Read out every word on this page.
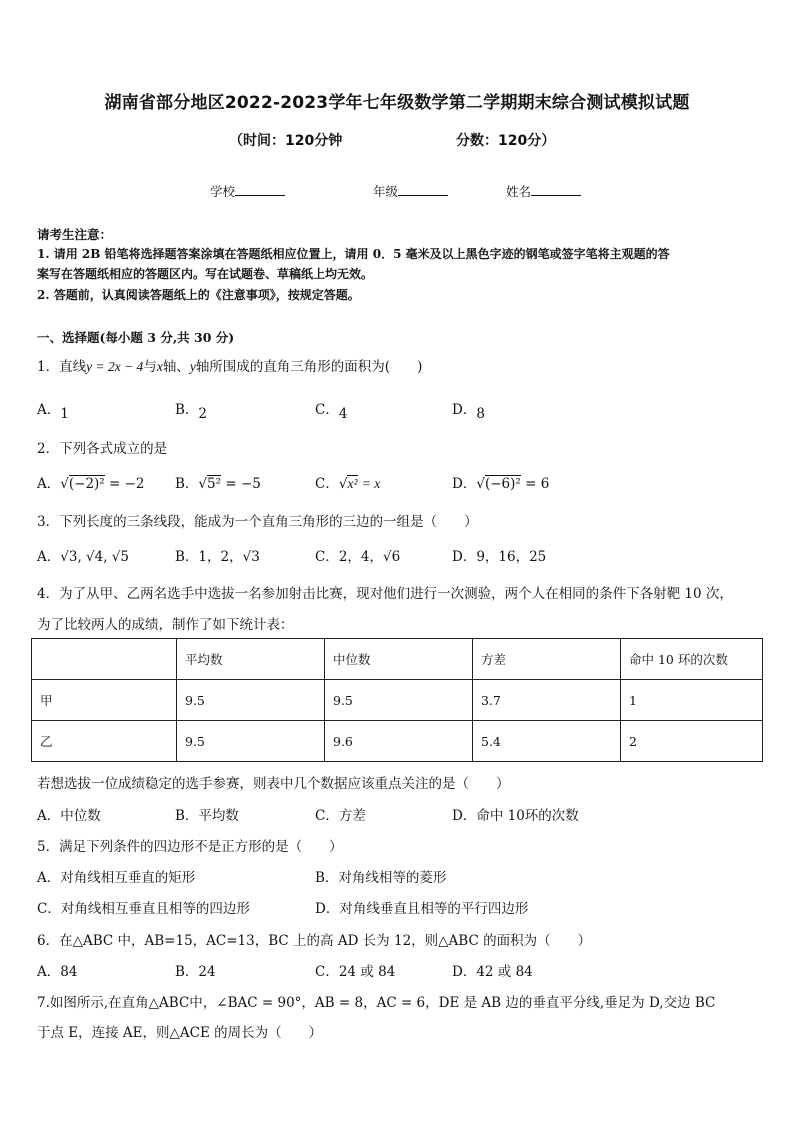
湖南省部分地区2022-2023学年七年级数学第二学期期末综合测试模拟试题
（时间：120分钟	分数：120分）
学校	年级	姓名
请考生注意：
1. 请用 2B 铅笔将选择题答案涂填在答题纸相应位置上，请用 0．5 毫米及以上黑色字迹的钢笔或签字笔将主观题的答
案写在答题纸相应的答题区内。写在试题卷、草稿纸上均无效。
2. 答题前，认真阅读答题纸上的《注意事项》，按规定答题。
一、选择题(每小题 3 分,共 30 分)
1．直线y = 2x − 4与x轴、y轴所围成的直角三角形的面积为(　　)
A．1	B．2	C．4	D．8
2．下列各式成立的是
A．√(−2)² = −2 B．√5² = −5	C．√x² = x	D．√(−6)² = 6
3．下列长度的三条线段，能成为一个直角三角形的三边的一组是（　　）
A．√3, √4, √5	B．1，2，√3	C．2，4，√6	D．9，16，25
4．为了从甲、乙两名选手中选拔一名参加射击比赛，现对他们进行一次测验，两个人在相同的条件下各射靶 10 次，
为了比较两人的成绩，制作了如下统计表：
	平均数	中位数	方差	命中 10 环的次数
甲	9.5	9.5	3.7	1
乙	9.5	9.6	5.4	2
若想选拔一位成绩稳定的选手参赛，则表中几个数据应该重点关注的是（　　）
A．中位数	B．平均数	C．方差	D．命中 10环的次数
5．满足下列条件的四边形不是正方形的是（　　）
A．对角线相互垂直的矩形	B．对角线相等的菱形
C．对角线相互垂直且相等的四边形	D．对角线垂直且相等的平行四边形
6．在△ABC 中，AB=15，AC=13，BC 上的高 AD 长为 12，则△ABC 的面积为（　　）
A．84	B．24	C．24 或 84	D．42 或 84
7.如图所示,在直角△ABC中，∠BAC = 90°，AB = 8，AC = 6，DE 是 AB 边的垂直平分线,垂足为 D,交边 BC
于点 E，连接 AE，则△ACE 的周长为（　　）
